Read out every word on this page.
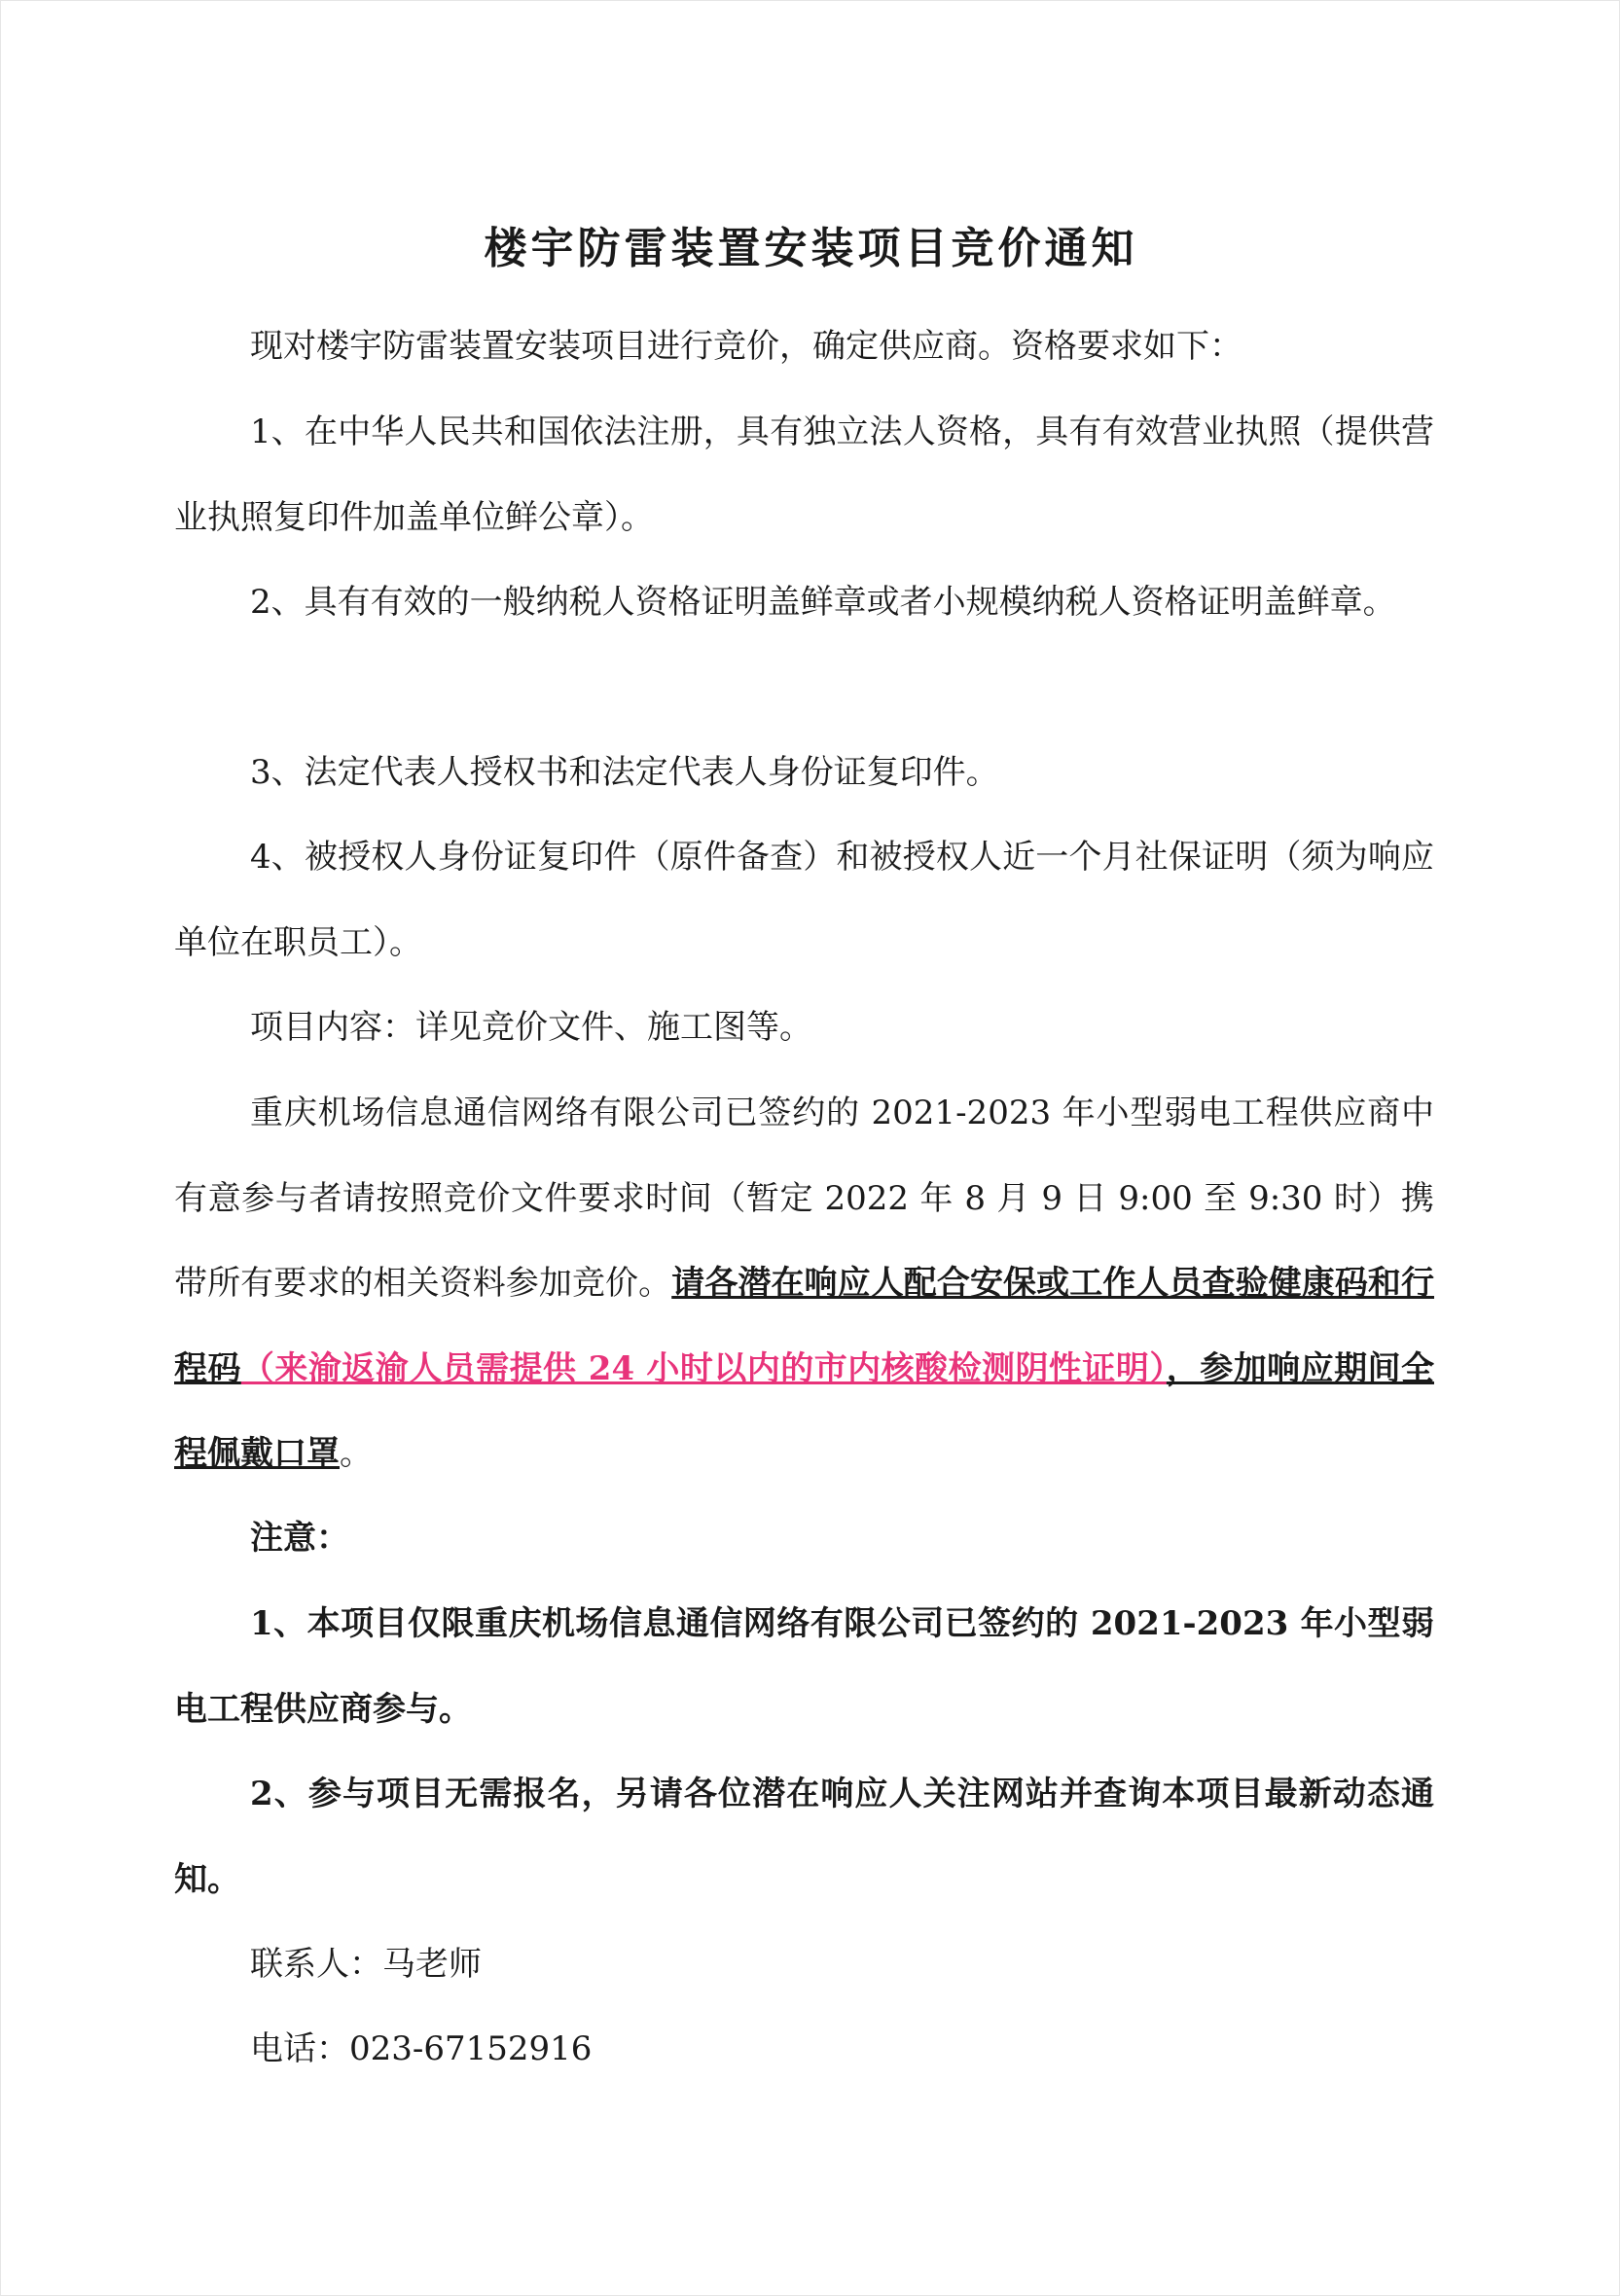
楼宇防雷装置安装项目竞价通知
现对楼宇防雷装置安装项目进行竞价，确定供应商。资格要求如下：
1、在中华人民共和国依法注册，具有独立法人资格，具有有效营业执照（提供营业执照复印件加盖单位鲜公章）。
2、具有有效的一般纳税人资格证明盖鲜章或者小规模纳税人资格证明盖鲜章。
3、法定代表人授权书和法定代表人身份证复印件。
4、被授权人身份证复印件（原件备查）和被授权人近一个月社保证明（须为响应单位在职员工）。
项目内容：详见竞价文件、施工图等。
重庆机场信息通信网络有限公司已签约的 2021-2023 年小型弱电工程供应商中有意参与者请按照竞价文件要求时间（暂定 2022 年 8 月 9 日 9:00 至 9:30 时）携带所有要求的相关资料参加竞价。请各潜在响应人配合安保或工作人员查验健康码和行程码（来渝返渝人员需提供 24 小时以内的市内核酸检测阴性证明），参加响应期间全程佩戴口罩。
注意：
1、本项目仅限重庆机场信息通信网络有限公司已签约的 2021-2023 年小型弱电工程供应商参与。
2、参与项目无需报名，另请各位潜在响应人关注网站并查询本项目最新动态通知。
联系人：马老师
电话：023-67152916
